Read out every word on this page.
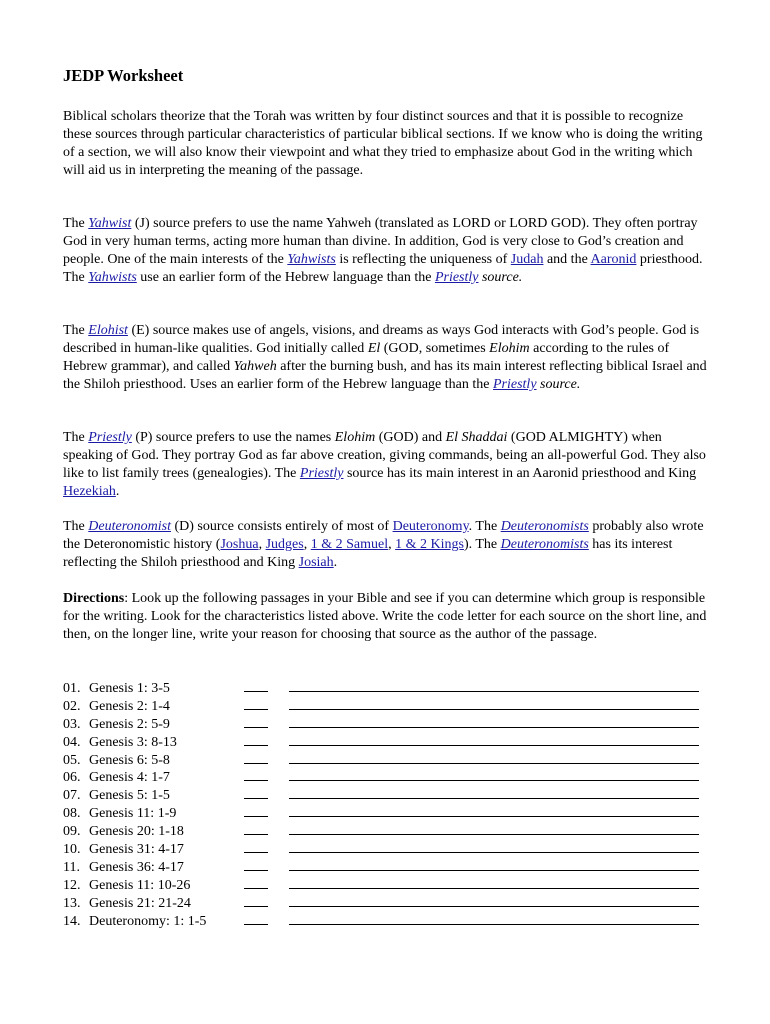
JEDP Worksheet

Biblical scholars theorize that the Torah was written by four distinct sources and that it is possible to recognize these sources through particular characteristics of particular biblical sections. If we know who is doing the writing of a section, we will also know their viewpoint and what they tried to emphasize about God in the writing which will aid us in interpreting the meaning of the passage.

The Yahwist (J) source prefers to use the name Yahweh (translated as LORD or LORD GOD). They often portray God in very human terms, acting more human than divine. In addition, God is very close to God’s creation and people. One of the main interests of the Yahwists is reflecting the uniqueness of Judah and the Aaronid priesthood. The Yahwists use an earlier form of the Hebrew language than the Priestly source.

The Elohist (E) source makes use of angels, visions, and dreams as ways God interacts with God’s people. God is described in human-like qualities. God initially called El (GOD, sometimes Elohim according to the rules of Hebrew grammar), and called Yahweh after the burning bush, and has its main interest reflecting biblical Israel and the Shiloh priesthood. Uses an earlier form of the Hebrew language than the Priestly source.

The Priestly (P) source prefers to use the names Elohim (GOD) and El Shaddai (GOD ALMIGHTY) when speaking of God. They portray God as far above creation, giving commands, being an all-powerful God. They also like to list family trees (genealogies). The Priestly source has its main interest in an Aaronid priesthood and King Hezekiah.

The Deuteronomist (D) source consists entirely of most of Deuteronomy. The Deuteronomists probably also wrote the Deteronomistic history (Joshua, Judges, 1 & 2 Samuel, 1 & 2 Kings). The Deuteronomists has its interest reflecting the Shiloh priesthood and King Josiah.

Directions: Look up the following passages in your Bible and see if you can determine which group is responsible for the writing. Look for the characteristics listed above. Write the code letter for each source on the short line, and then, on the longer line, write your reason for choosing that source as the author of the passage.

01. Genesis 1: 3-5
02. Genesis 2: 1-4
03. Genesis 2: 5-9
04. Genesis 3: 8-13
05. Genesis 6: 5-8
06. Genesis 4: 1-7
07. Genesis 5: 1-5
08. Genesis 11: 1-9
09. Genesis 20: 1-18
10. Genesis 31: 4-17
11. Genesis 36: 4-17
12. Genesis 11: 10-26
13. Genesis 21: 21-24
14. Deuteronomy: 1: 1-5
